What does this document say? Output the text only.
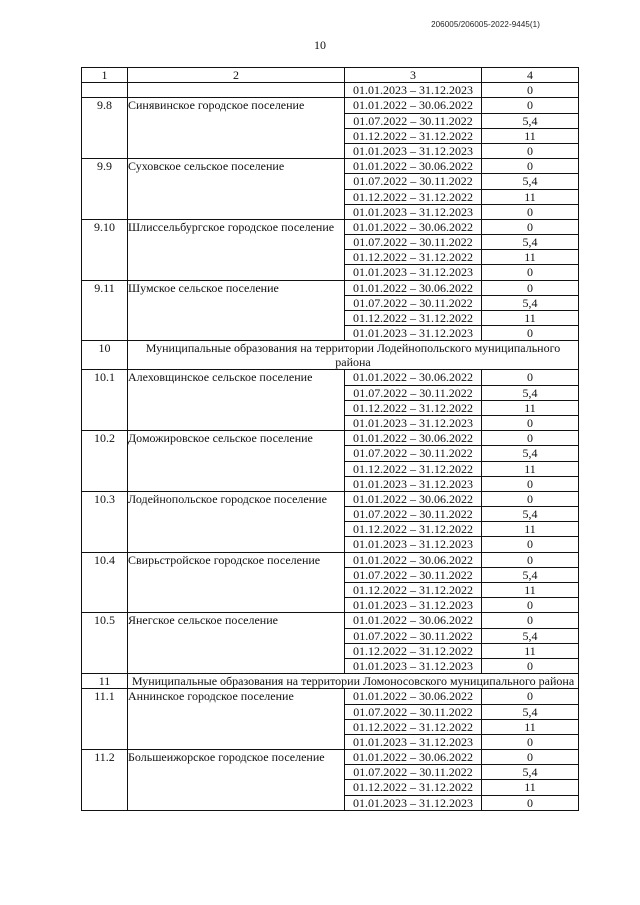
206005/206005-2022-9445(1)
10
1	2	3	4
		01.01.2023 – 31.12.2023	0
9.8	Синявинское городское поселение	01.01.2022 – 30.06.2022	0
		01.07.2022 – 30.11.2022	5,4
		01.12.2022 – 31.12.2022	11
		01.01.2023 – 31.12.2023	0
9.9	Суховское сельское поселение	01.01.2022 – 30.06.2022	0
		01.07.2022 – 30.11.2022	5,4
		01.12.2022 – 31.12.2022	11
		01.01.2023 – 31.12.2023	0
9.10	Шлиссельбургское городское поселение	01.01.2022 – 30.06.2022	0
		01.07.2022 – 30.11.2022	5,4
		01.12.2022 – 31.12.2022	11
		01.01.2023 – 31.12.2023	0
9.11	Шумское сельское поселение	01.01.2022 – 30.06.2022	0
		01.07.2022 – 30.11.2022	5,4
		01.12.2022 – 31.12.2022	11
		01.01.2023 – 31.12.2023	0
10	Муниципальные образования на территории Лодейнопольского муниципального района		
10.1	Алеховщинское сельское поселение	01.01.2022 – 30.06.2022	0
		01.07.2022 – 30.11.2022	5,4
		01.12.2022 – 31.12.2022	11
		01.01.2023 – 31.12.2023	0
10.2	Доможировское сельское поселение	01.01.2022 – 30.06.2022	0
		01.07.2022 – 30.11.2022	5,4
		01.12.2022 – 31.12.2022	11
		01.01.2023 – 31.12.2023	0
10.3	Лодейнопольское городское поселение	01.01.2022 – 30.06.2022	0
		01.07.2022 – 30.11.2022	5,4
		01.12.2022 – 31.12.2022	11
		01.01.2023 – 31.12.2023	0
10.4	Свирьстройское городское поселение	01.01.2022 – 30.06.2022	0
		01.07.2022 – 30.11.2022	5,4
		01.12.2022 – 31.12.2022	11
		01.01.2023 – 31.12.2023	0
10.5	Янегское сельское поселение	01.01.2022 – 30.06.2022	0
		01.07.2022 – 30.11.2022	5,4
		01.12.2022 – 31.12.2022	11
		01.01.2023 – 31.12.2023	0
11	Муниципальные образования на территории Ломоносовского муниципального района		
11.1	Аннинское городское поселение	01.01.2022 – 30.06.2022	0
		01.07.2022 – 30.11.2022	5,4
		01.12.2022 – 31.12.2022	11
		01.01.2023 – 31.12.2023	0
11.2	Большеижорское городское поселение	01.01.2022 – 30.06.2022	0
		01.07.2022 – 30.11.2022	5,4
		01.12.2022 – 31.12.2022	11
		01.01.2023 – 31.12.2023	0
